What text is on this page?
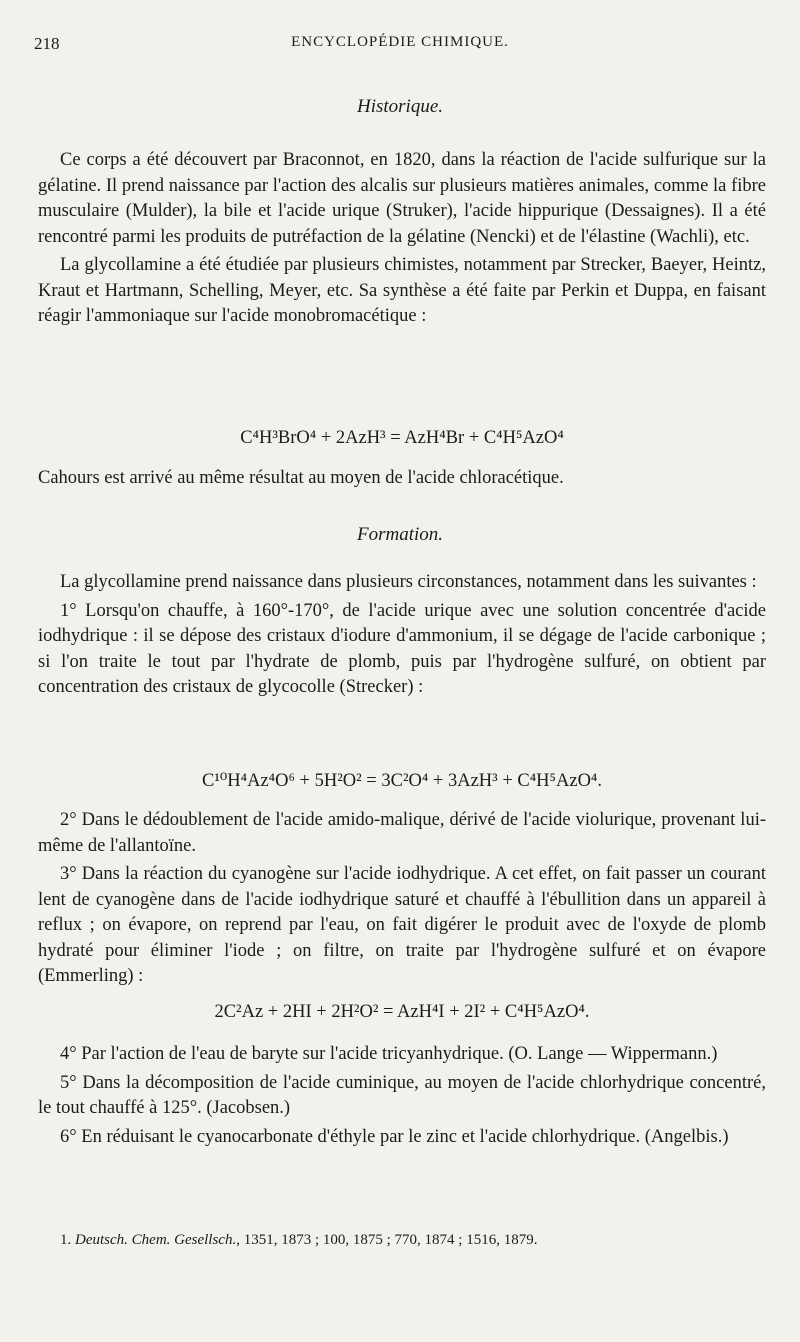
218	ENCYCLOPÉDIE CHIMIQUE.
Historique.

Ce corps a été découvert par Braconnot, en 1820, dans la réaction de l'acide sulfurique sur la gélatine. Il prend naissance par l'action des alcalis sur plusieurs matières animales, comme la fibre musculaire (Mulder), la bile et l'acide urique (Struker), l'acide hippurique (Dessaignes). Il a été rencontré parmi les produits de putréfaction de la gélatine (Nencki) et de l'élastine (Wachli), etc.

La glycollamine a été étudiée par plusieurs chimistes, notamment par Strecker, Baeyer, Heintz, Kraut et Hartmann, Schelling, Meyer, etc. Sa synthèse a été faite par Perkin et Duppa, en faisant réagir l'ammoniaque sur l'acide monobromacétique :

C⁴H³BrO⁴ + 2AzH³ = AzH⁴Br + C⁴H⁵AzO⁴

Cahours est arrivé au même résultat au moyen de l'acide chloracétique.

Formation.

La glycollamine prend naissance dans plusieurs circonstances, notamment dans les suivantes :

1° Lorsqu'on chauffe, à 160°-170°, de l'acide urique avec une solution concentrée d'acide iodhydrique : il se dépose des cristaux d'iodure d'ammonium, il se dégage de l'acide carbonique ; si l'on traite le tout par l'hydrate de plomb, puis par l'hydrogène sulfuré, on obtient par concentration des cristaux de glycocolle (Strecker) :

C¹⁰H⁴Az⁴O⁶ + 5H²O² = 3C²O⁴ + 3AzH³ + C⁴H⁵AzO⁴.

2° Dans le dédoublement de l'acide amido-malique, dérivé de l'acide violurique, provenant lui-même de l'allantoïne.

3° Dans la réaction du cyanogène sur l'acide iodhydrique. A cet effet, on fait passer un courant lent de cyanogène dans de l'acide iodhydrique saturé et chauffé à l'ébullition dans un appareil à reflux ; on évapore, on reprend par l'eau, on fait digérer le produit avec de l'oxyde de plomb hydraté pour éliminer l'iode ; on filtre, on traite par l'hydrogène sulfuré et on évapore (Emmerling) :

2C²Az + 2HI + 2H²O² = AzH⁴I + 2I² + C⁴H⁵AzO⁴.

4° Par l'action de l'eau de baryte sur l'acide tricyanhydrique. (O. Lange — Wippermann.)

5° Dans la décomposition de l'acide cuminique, au moyen de l'acide chlorhydrique concentré, le tout chauffé à 125°. (Jacobsen.)

6° En réduisant le cyanocarbonate d'éthyle par le zinc et l'acide chlorhydrique. (Angelbis.)

1. Deutsch. Chem. Gesellsch., 1351, 1873 ; 100, 1875 ; 770, 1874 ; 1516, 1879.
